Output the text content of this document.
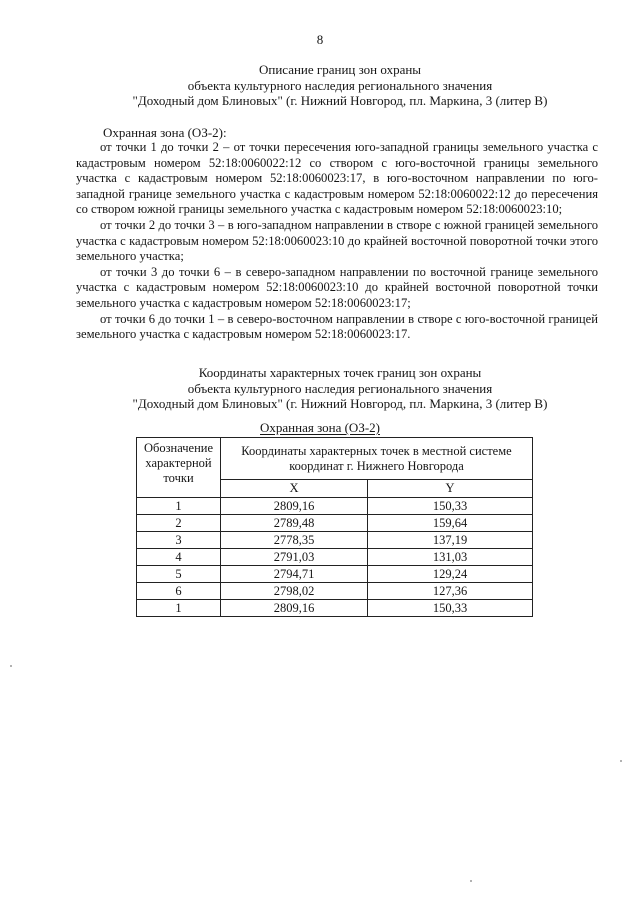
8
Описание границ зон охраны
объекта культурного наследия регионального значения
"Доходный дом Блиновых" (г. Нижний Новгород, пл. Маркина, 3 (литер В)
Охранная зона (ОЗ-2):

от точки 1 до точки 2 – от точки пересечения юго-западной границы земельного участка с кадастровым номером 52:18:0060022:12 со створом с юго-восточной границы земельного участка с кадастровым номером 52:18:0060023:17, в юго-восточном направлении по юго-западной границе земельного участка с кадастровым номером 52:18:0060022:12 до пересечения со створом южной границы земельного участка с кадастровым номером 52:18:0060023:10;

от точки 2 до точки 3 – в юго-западном направлении в створе с южной границей земельного участка с кадастровым номером 52:18:0060023:10 до крайней восточной поворотной точки этого земельного участка;

от точки 3 до точки 6 – в северо-западном направлении по восточной границе земельного участка с кадастровым номером 52:18:0060023:10 до крайней восточной поворотной точки земельного участка с кадастровым номером 52:18:0060023:17;

от точки 6 до точки 1 – в северо-восточном направлении в створе с юго-восточной границей земельного участка с кадастровым номером 52:18:0060023:17.

Координаты характерных точек границ зон охраны
объекта культурного наследия регионального значения
"Доходный дом Блиновых" (г. Нижний Новгород, пл. Маркина, 3 (литер В)
Охранная зона (ОЗ-2)
Обозначение характерной точки	Координаты характерных точек в местной системе координат г. Нижнего Новгорода	
	X	Y
1	2809,16	150,33
2	2789,48	159,64
3	2778,35	137,19
4	2791,03	131,03
5	2794,71	129,24
6	2798,02	127,36
1	2809,16	150,33
